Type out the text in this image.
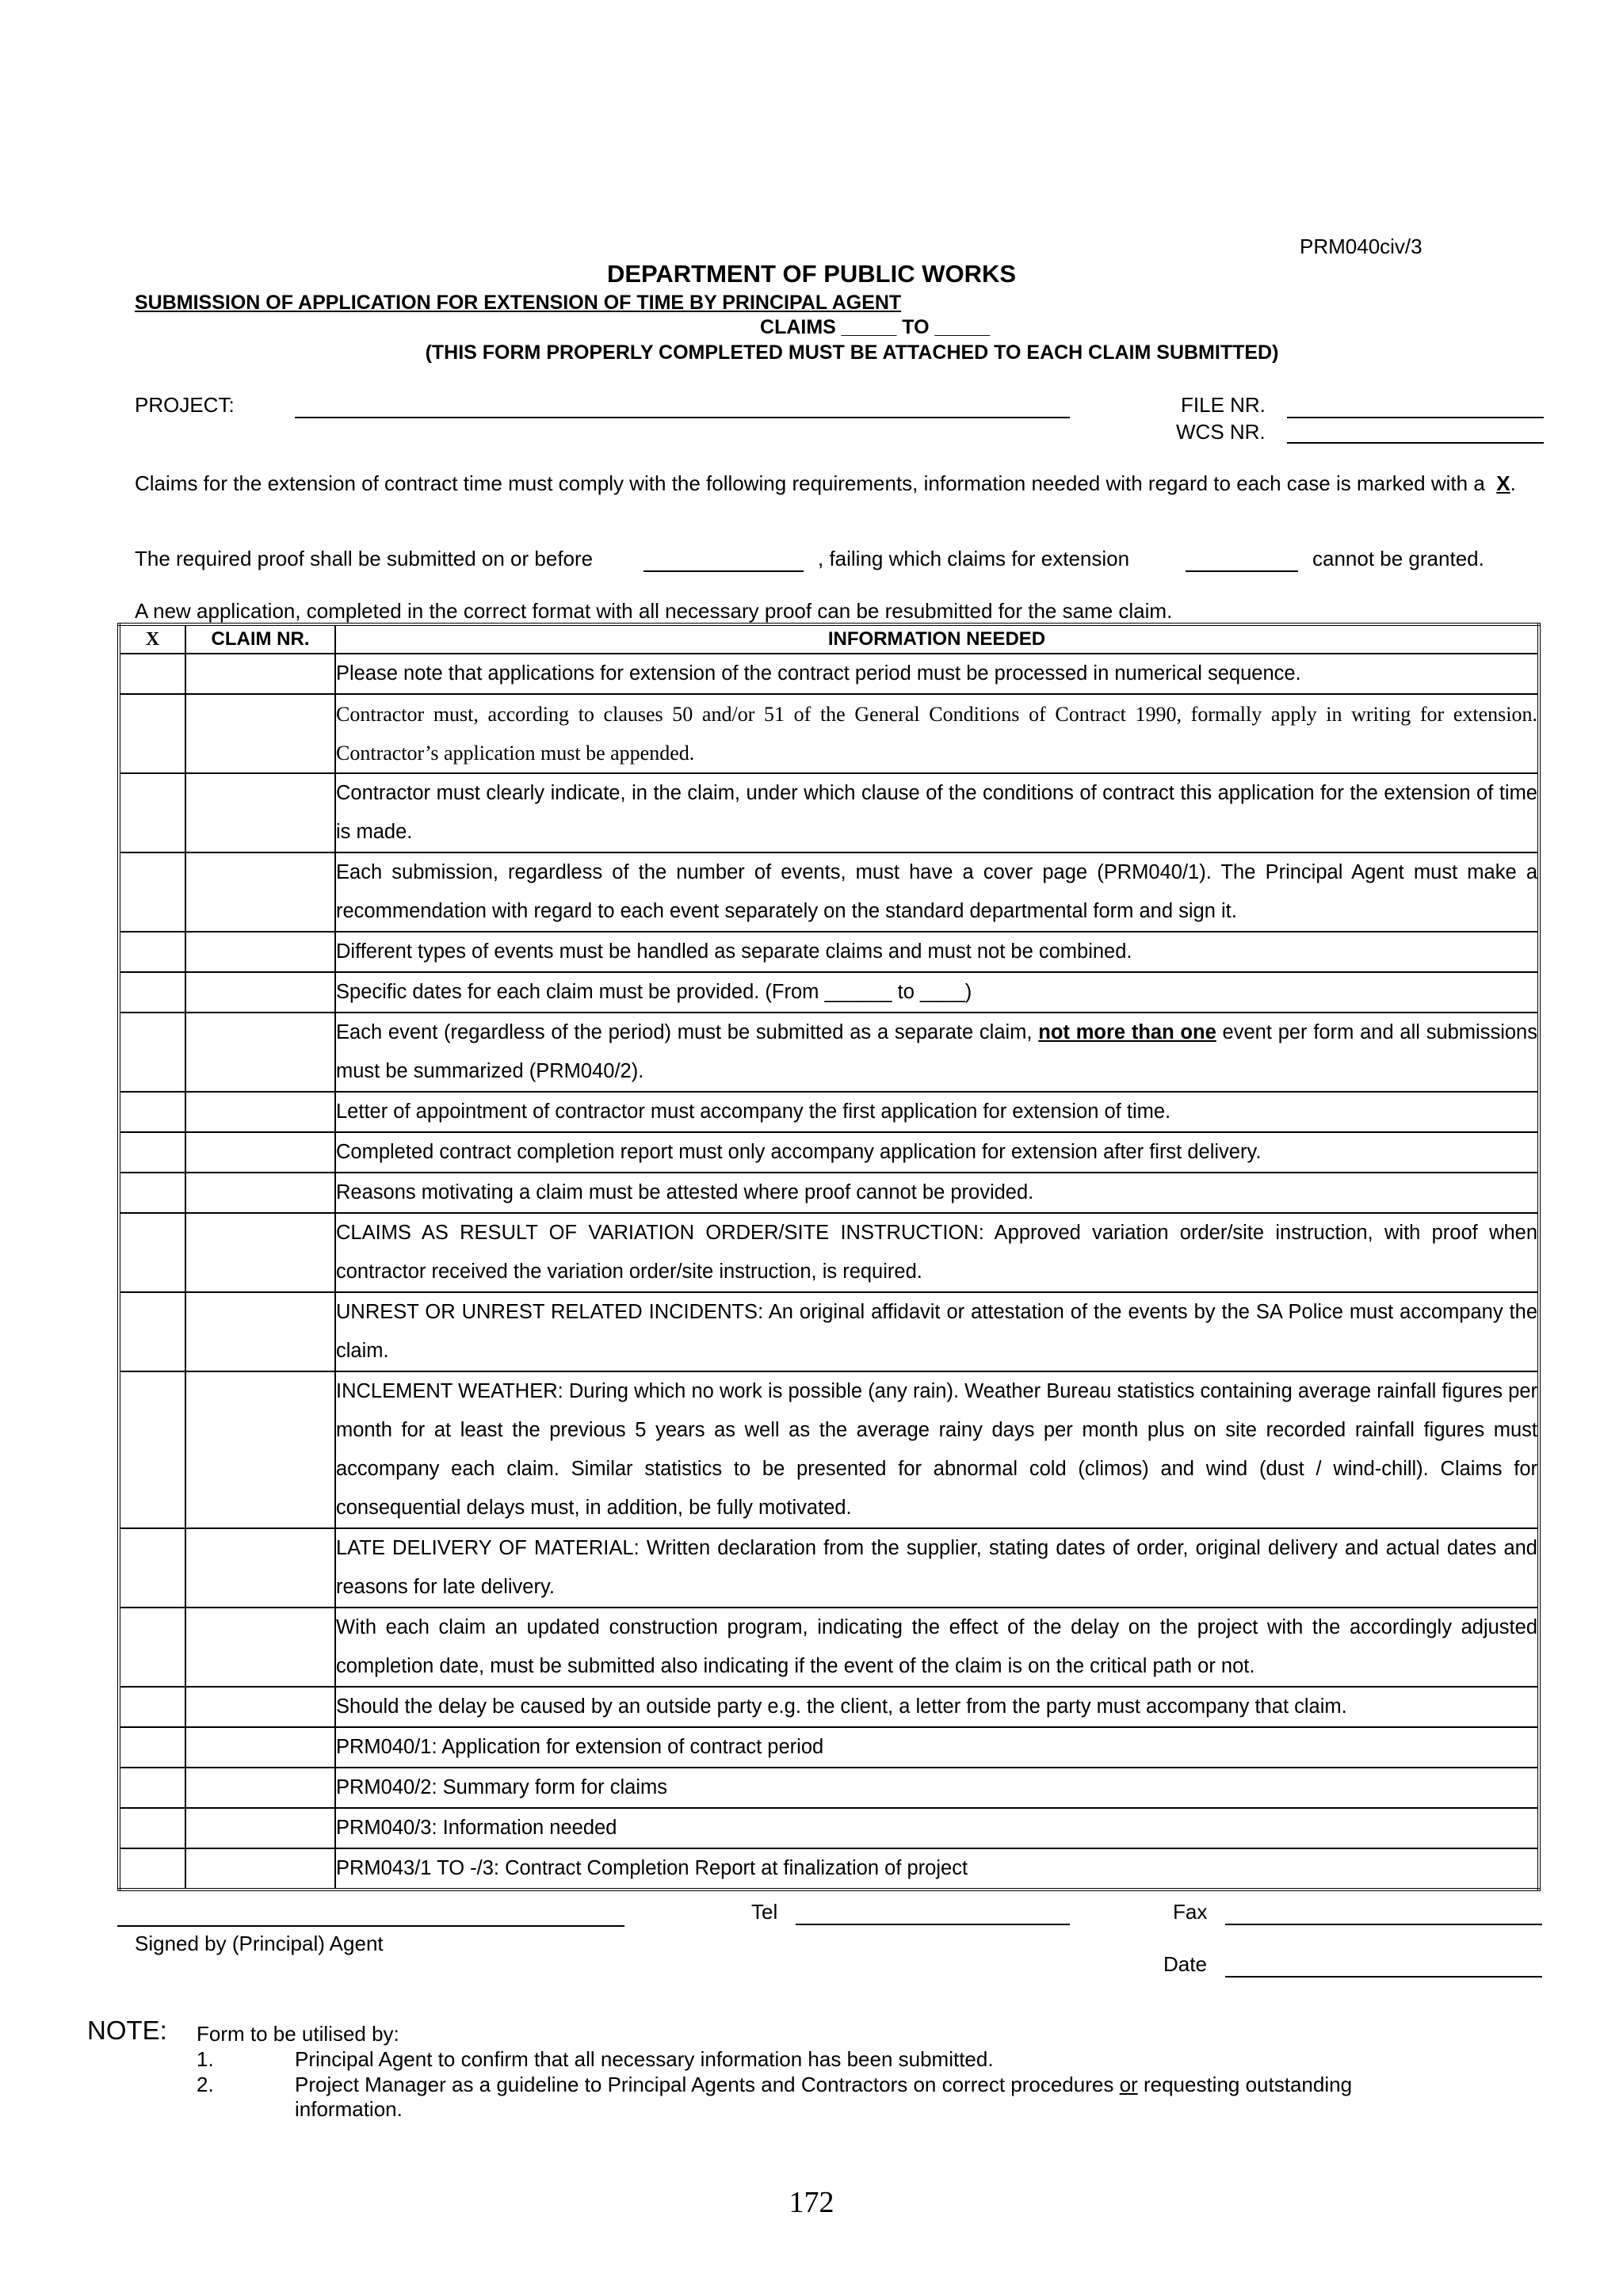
PRM040civ/3
DEPARTMENT OF PUBLIC WORKS
SUBMISSION OF APPLICATION FOR EXTENSION OF TIME BY PRINCIPAL AGENT
CLAIMS _____ TO _____
(THIS FORM PROPERLY COMPLETED MUST BE ATTACHED TO EACH CLAIM SUBMITTED)
PROJECT:	FILE NR.
WCS NR.
Claims for the extension of contract time must comply with the following requirements, information needed with regard to each case is marked with a X.
The required proof shall be submitted on or before	, failing which claims for extension	cannot be granted.
A new application, completed in the correct format with all necessary proof can be resubmitted for the same claim.
X	CLAIM NR.	INFORMATION NEEDED
		Please note that applications for extension of the contract period must be processed in numerical sequence.
		Contractor must, according to clauses 50 and/or 51 of the General Conditions of Contract 1990, formally apply in writing for extension. Contractor’s application must be appended.
		Contractor must clearly indicate, in the claim, under which clause of the conditions of contract this application for the extension of time is made.
		Each submission, regardless of the number of events, must have a cover page (PRM040/1). The Principal Agent must make a recommendation with regard to each event separately on the standard departmental form and sign it.
		Different types of events must be handled as separate claims and must not be combined.
		Specific dates for each claim must be provided. (From ______ to ____)
		Each event (regardless of the period) must be submitted as a separate claim, not more than one event per form and all submissions must be summarized (PRM040/2).
		Letter of appointment of contractor must accompany the first application for extension of time.
		Completed contract completion report must only accompany application for extension after first delivery.
		Reasons motivating a claim must be attested where proof cannot be provided.
		CLAIMS AS RESULT OF VARIATION ORDER/SITE INSTRUCTION: Approved variation order/site instruction, with proof when contractor received the variation order/site instruction, is required.
		UNREST OR UNREST RELATED INCIDENTS: An original affidavit or attestation of the events by the SA Police must accompany the claim.
		INCLEMENT WEATHER: During which no work is possible (any rain). Weather Bureau statistics containing average rainfall figures per month for at least the previous 5 years as well as the average rainy days per month plus on site recorded rainfall figures must accompany each claim. Similar statistics to be presented for abnormal cold (climos) and wind (dust / wind-chill). Claims for consequential delays must, in addition, be fully motivated.
		LATE DELIVERY OF MATERIAL: Written declaration from the supplier, stating dates of order, original delivery and actual dates and reasons for late delivery.
		With each claim an updated construction program, indicating the effect of the delay on the project with the accordingly adjusted completion date, must be submitted also indicating if the event of the claim is on the critical path or not.
		Should the delay be caused by an outside party e.g. the client, a letter from the party must accompany that claim.
		PRM040/1: Application for extension of contract period
		PRM040/2: Summary form for claims
		PRM040/3: Information needed
		PRM043/1 TO -/3: Contract Completion Report at finalization of project
Signed by (Principal) Agent
Tel	Fax
Date
NOTE: Form to be utilised by:
1.	Principal Agent to confirm that all necessary information has been submitted.
2.	Project Manager as a guideline to Principal Agents and Contractors on correct procedures or requesting outstanding information.
172
